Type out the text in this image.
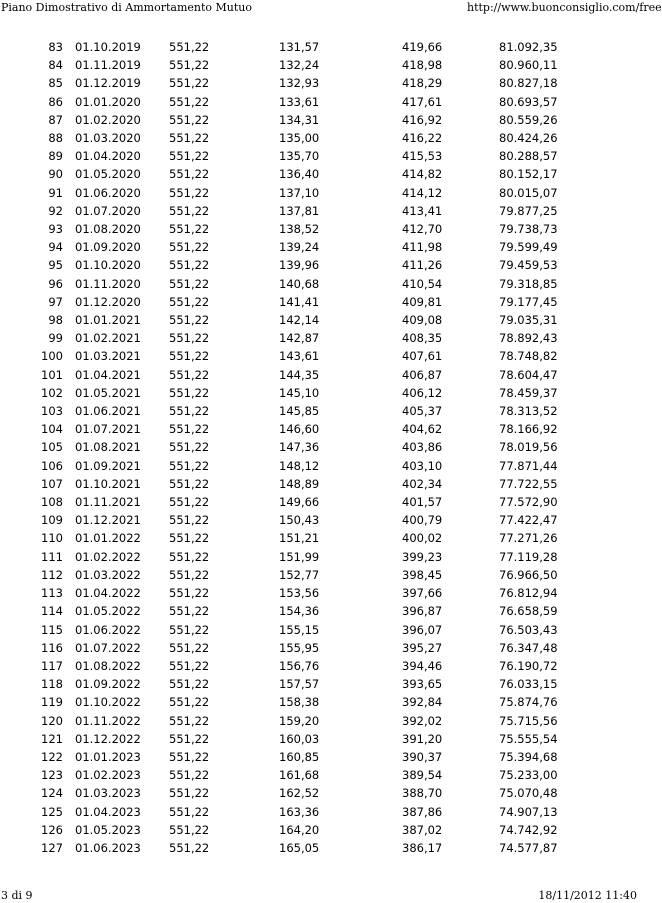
Piano Dimostrativo di Ammortamento Mutuo	http://www.buonconsiglio.com/free
83	01.10.2019	551,22	131,57	419,66	81.092,35
84	01.11.2019	551,22	132,24	418,98	80.960,11
85	01.12.2019	551,22	132,93	418,29	80.827,18
86	01.01.2020	551,22	133,61	417,61	80.693,57
87	01.02.2020	551,22	134,31	416,92	80.559,26
88	01.03.2020	551,22	135,00	416,22	80.424,26
89	01.04.2020	551,22	135,70	415,53	80.288,57
90	01.05.2020	551,22	136,40	414,82	80.152,17
91	01.06.2020	551,22	137,10	414,12	80.015,07
92	01.07.2020	551,22	137,81	413,41	79.877,25
93	01.08.2020	551,22	138,52	412,70	79.738,73
94	01.09.2020	551,22	139,24	411,98	79.599,49
95	01.10.2020	551,22	139,96	411,26	79.459,53
96	01.11.2020	551,22	140,68	410,54	79.318,85
97	01.12.2020	551,22	141,41	409,81	79.177,45
98	01.01.2021	551,22	142,14	409,08	79.035,31
99	01.02.2021	551,22	142,87	408,35	78.892,43
100	01.03.2021	551,22	143,61	407,61	78.748,82
101	01.04.2021	551,22	144,35	406,87	78.604,47
102	01.05.2021	551,22	145,10	406,12	78.459,37
103	01.06.2021	551,22	145,85	405,37	78.313,52
104	01.07.2021	551,22	146,60	404,62	78.166,92
105	01.08.2021	551,22	147,36	403,86	78.019,56
106	01.09.2021	551,22	148,12	403,10	77.871,44
107	01.10.2021	551,22	148,89	402,34	77.722,55
108	01.11.2021	551,22	149,66	401,57	77.572,90
109	01.12.2021	551,22	150,43	400,79	77.422,47
110	01.01.2022	551,22	151,21	400,02	77.271,26
111	01.02.2022	551,22	151,99	399,23	77.119,28
112	01.03.2022	551,22	152,77	398,45	76.966,50
113	01.04.2022	551,22	153,56	397,66	76.812,94
114	01.05.2022	551,22	154,36	396,87	76.658,59
115	01.06.2022	551,22	155,15	396,07	76.503,43
116	01.07.2022	551,22	155,95	395,27	76.347,48
117	01.08.2022	551,22	156,76	394,46	76.190,72
118	01.09.2022	551,22	157,57	393,65	76.033,15
119	01.10.2022	551,22	158,38	392,84	75.874,76
120	01.11.2022	551,22	159,20	392,02	75.715,56
121	01.12.2022	551,22	160,03	391,20	75.555,54
122	01.01.2023	551,22	160,85	390,37	75.394,68
123	01.02.2023	551,22	161,68	389,54	75.233,00
124	01.03.2023	551,22	162,52	388,70	75.070,48
125	01.04.2023	551,22	163,36	387,86	74.907,13
126	01.05.2023	551,22	164,20	387,02	74.742,92
127	01.06.2023	551,22	165,05	386,17	74.577,87
3 di 9	18/11/2012 11:40
